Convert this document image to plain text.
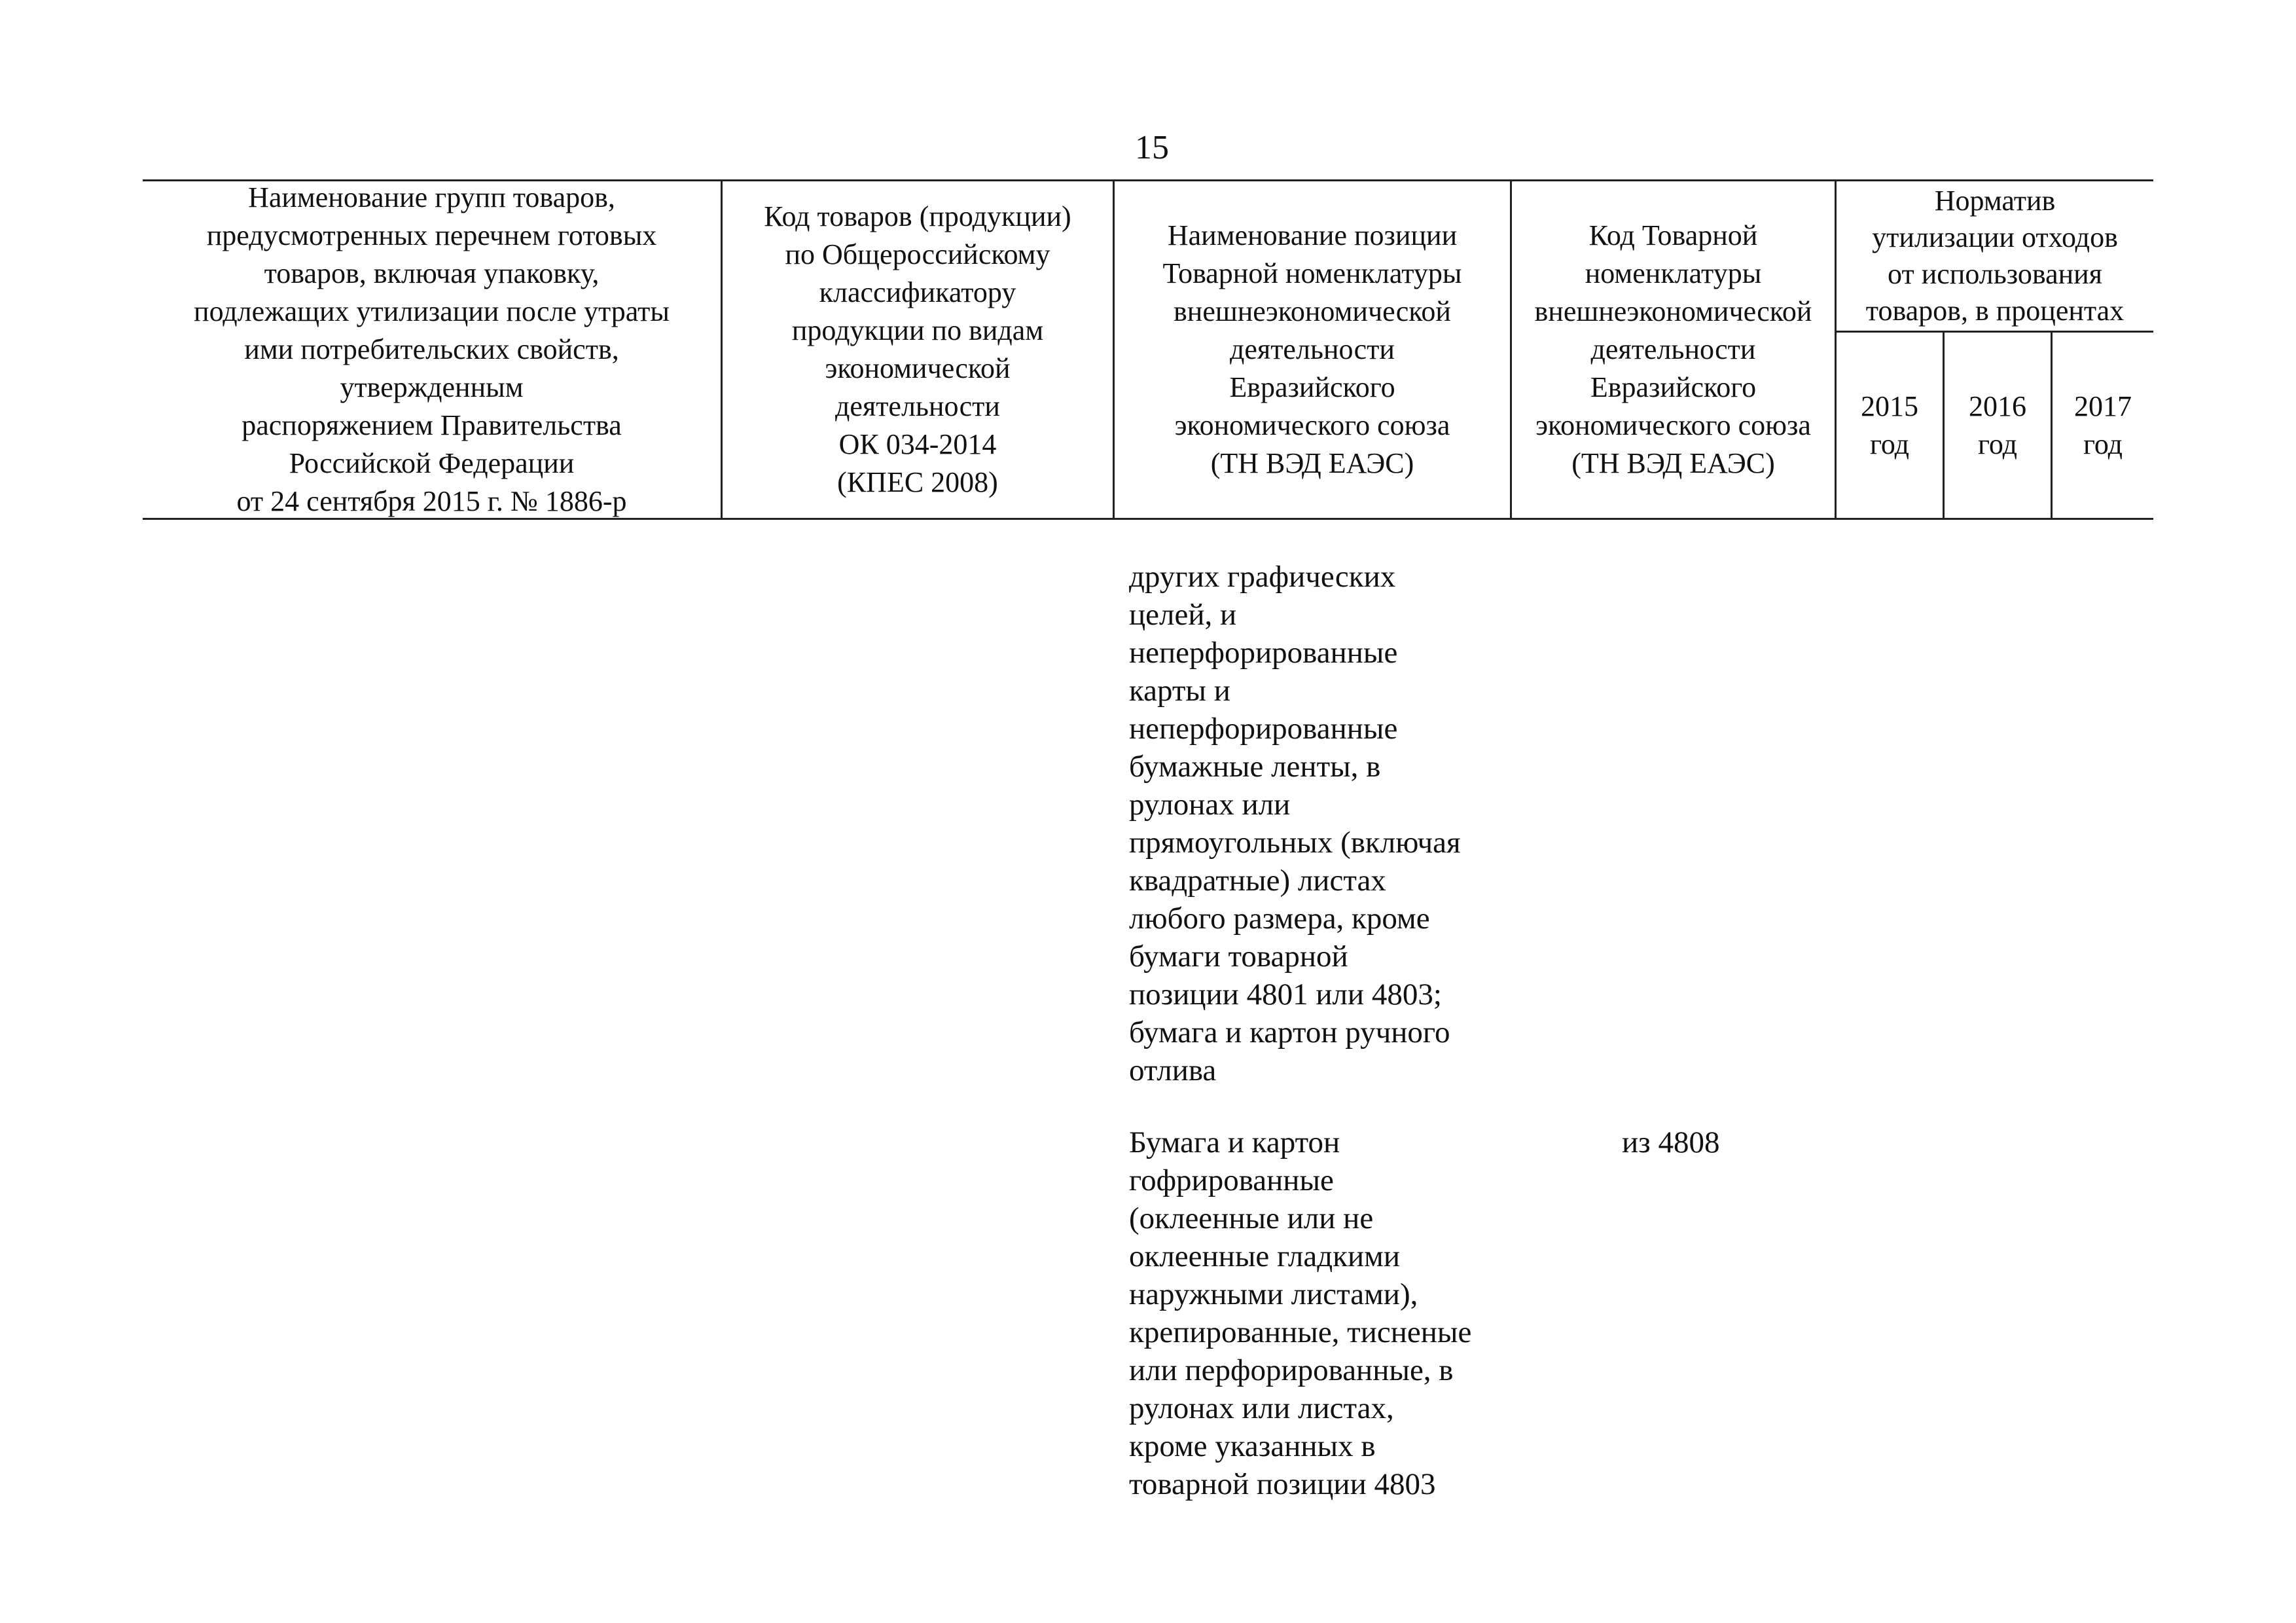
15
Наименование групп товаров,
предусмотренных перечнем готовых
товаров, включая упаковку,
подлежащих утилизации после утраты
ими потребительских свойств,
утвержденным
распоряжением Правительства
Российской Федерации
от 24 сентября 2015 г. № 1886-р
Код товаров (продукции)
по Общероссийскому
классификатору
продукции по видам
экономической
деятельности
ОК 034-2014
(КПЕС 2008)
Наименование позиции
Товарной номенклатуры
внешнеэкономической
деятельности
Евразийского
экономического союза
(ТН ВЭД ЕАЭС)
Код Товарной
номенклатуры
внешнеэкономической
деятельности
Евразийского
экономического союза
(ТН ВЭД ЕАЭС)
Норматив
утилизации отходов
от использования
товаров, в процентах
2015
год
2016
год
2017
год
других графических
целей, и
неперфорированные
карты и
неперфорированные
бумажные ленты, в
рулонах или
прямоугольных (включая
квадратные) листах
любого размера, кроме
бумаги товарной
позиции 4801 или 4803;
бумага и картон ручного
отлива
Бумага и картон
гофрированные
(оклеенные или не
оклеенные гладкими
наружными листами),
крепированные, тисненые
или перфорированные, в
рулонах или листах,
кроме указанных в
товарной позиции 4803
из 4808
